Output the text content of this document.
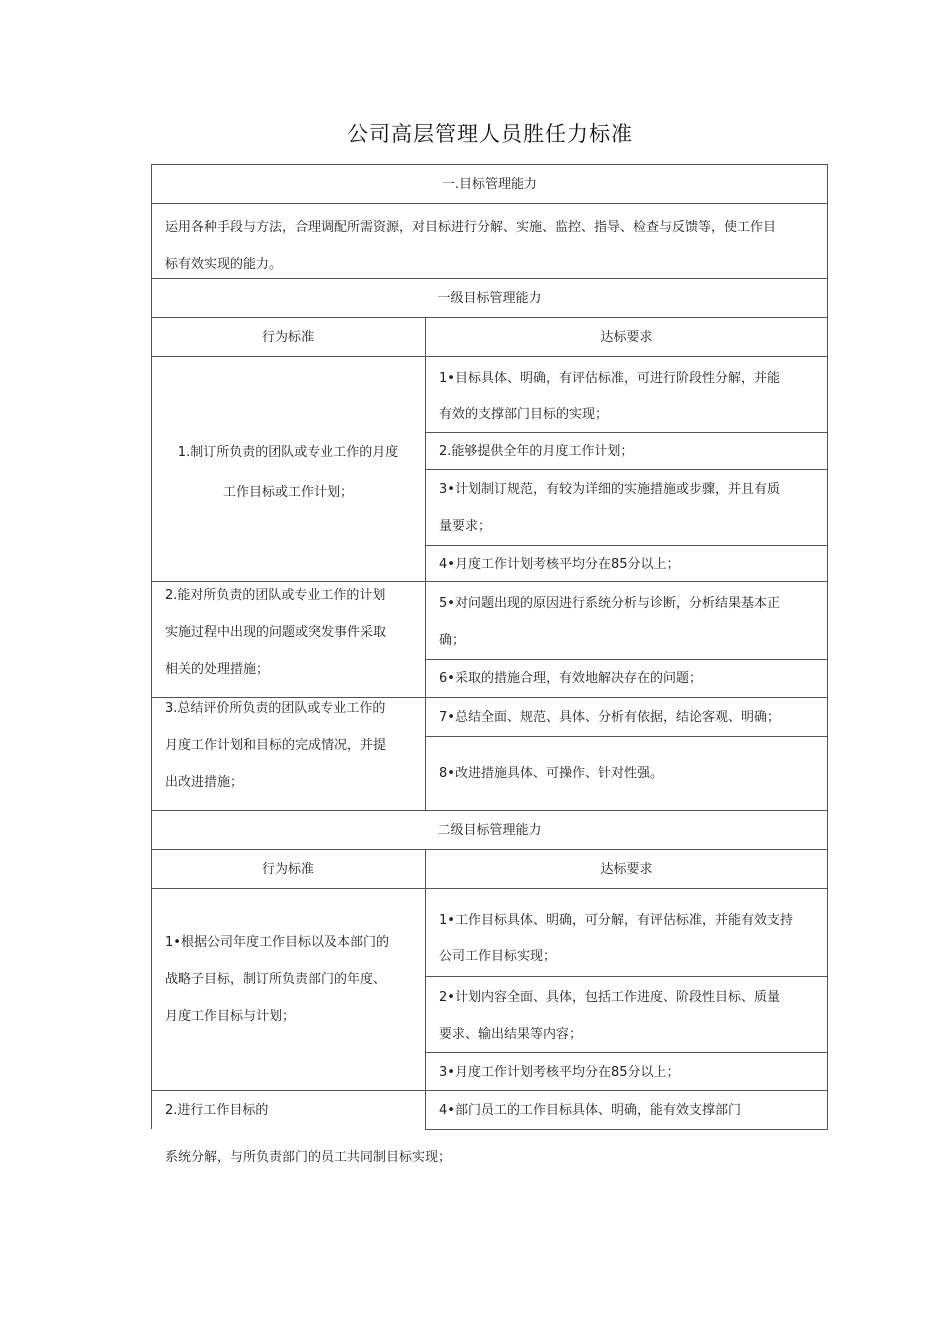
公司高层管理人员胜任力标准
一.目标管理能力
运用各种手段与方法，合理调配所需资源，对目标进行分解、实施、监控、指导、检查与反馈等，使工作目
标有效实现的能力。
一级目标管理能力
行为标准	达标要求
1.制订所负责的团队或专业工作的月度
工作目标或工作计划；
2.能对所负责的团队或专业工作的计划
实施过程中出现的问题或突发事件采取
相关的处理措施；
3.总结评价所负责的团队或专业工作的
月度工作计划和目标的完成情况，并提
出改进措施；
1•目标具体、明确，有评估标准，可进行阶段性分解，并能
有效的支撑部门目标的实现；
2.能够提供全年的月度工作计划；
3•计划制订规范，有较为详细的实施措施或步骤，并且有质
量要求；
4•月度工作计划考核平均分在85分以上；
5•对问题出现的原因进行系统分析与诊断，分析结果基本正
确；
6•采取的措施合理，有效地解决存在的问题；
7•总结全面、规范、具体、分析有依据，结论客观、明确；
8•改进措施具体、可操作、针对性强。
二级目标管理能力
行为标准	达标要求
1•根据公司年度工作目标以及本部门的
战略子目标，制订所负责部门的年度、
月度工作目标与计划；
2.进行工作目标的
1•工作目标具体、明确，可分解，有评估标准，并能有效支持
公司工作目标实现；
2•计划内容全面、具体，包括工作进度、阶段性目标、质量
要求、输出结果等内容；
3•月度工作计划考核平均分在85分以上；
4•部门员工的工作目标具体、明确，能有效支撑部门
系统分解，与所负责部门的员工共同制目标实现；
